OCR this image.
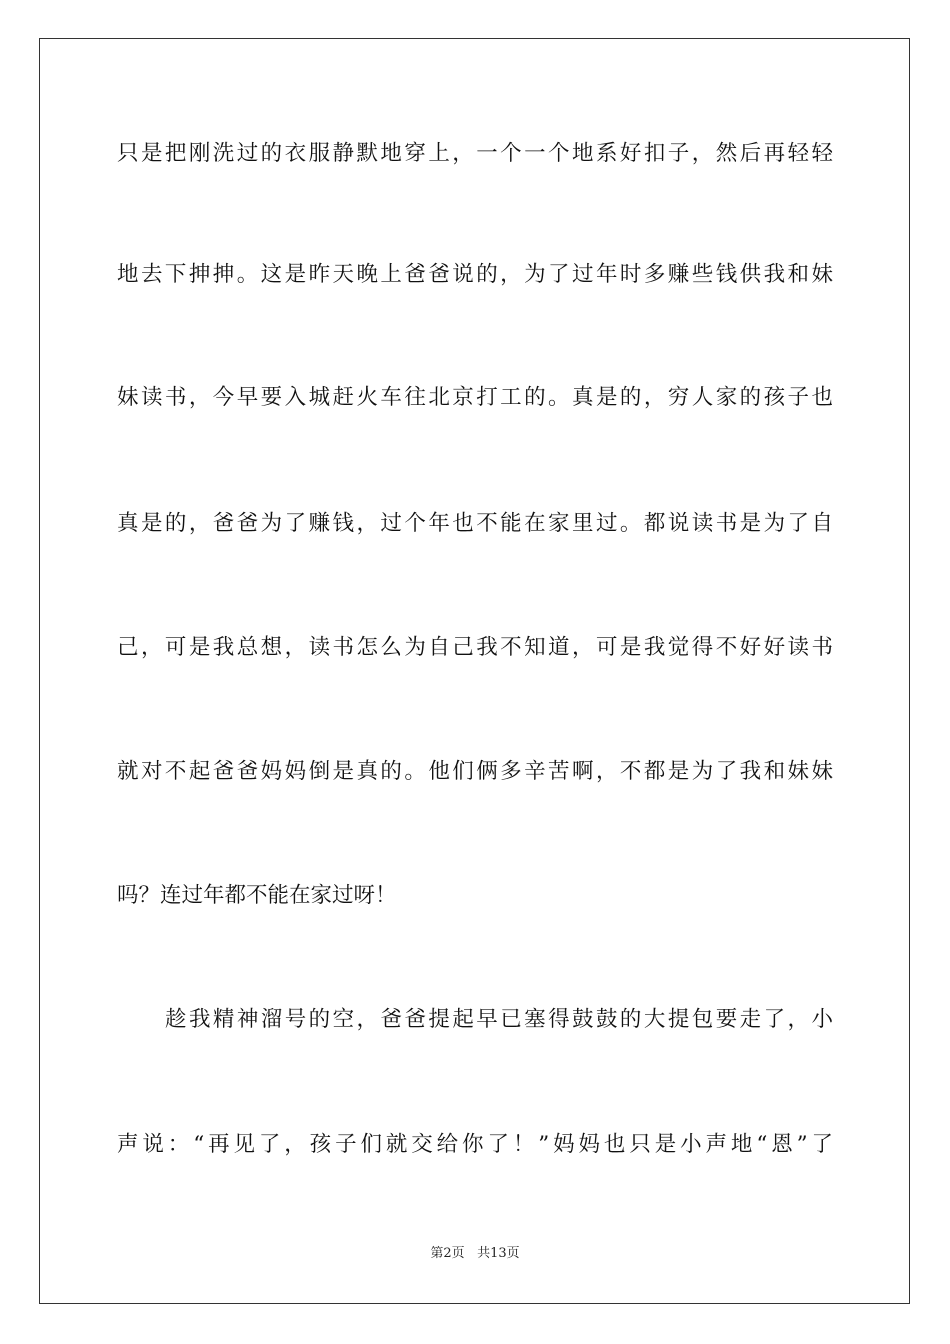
只是把刚洗过的衣服静默地穿上，一个一个地系好扣子，然后再轻轻
地去下抻抻。这是昨天晚上爸爸说的，为了过年时多赚些钱供我和妹
妹读书，今早要入城赶火车往北京打工的。真是的，穷人家的孩子也
真是的，爸爸为了赚钱，过个年也不能在家里过。都说读书是为了自
己，可是我总想，读书怎么为自己我不知道，可是我觉得不好好读书
就对不起爸爸妈妈倒是真的。他们俩多辛苦啊，不都是为了我和妹妹
吗？连过年都不能在家过呀！
趁我精神溜号的空，爸爸提起早已塞得鼓鼓的大提包要走了，小
声说：“再见了，孩子们就交给你了！”妈妈也只是小声地“恩”了
第2页 共13页
